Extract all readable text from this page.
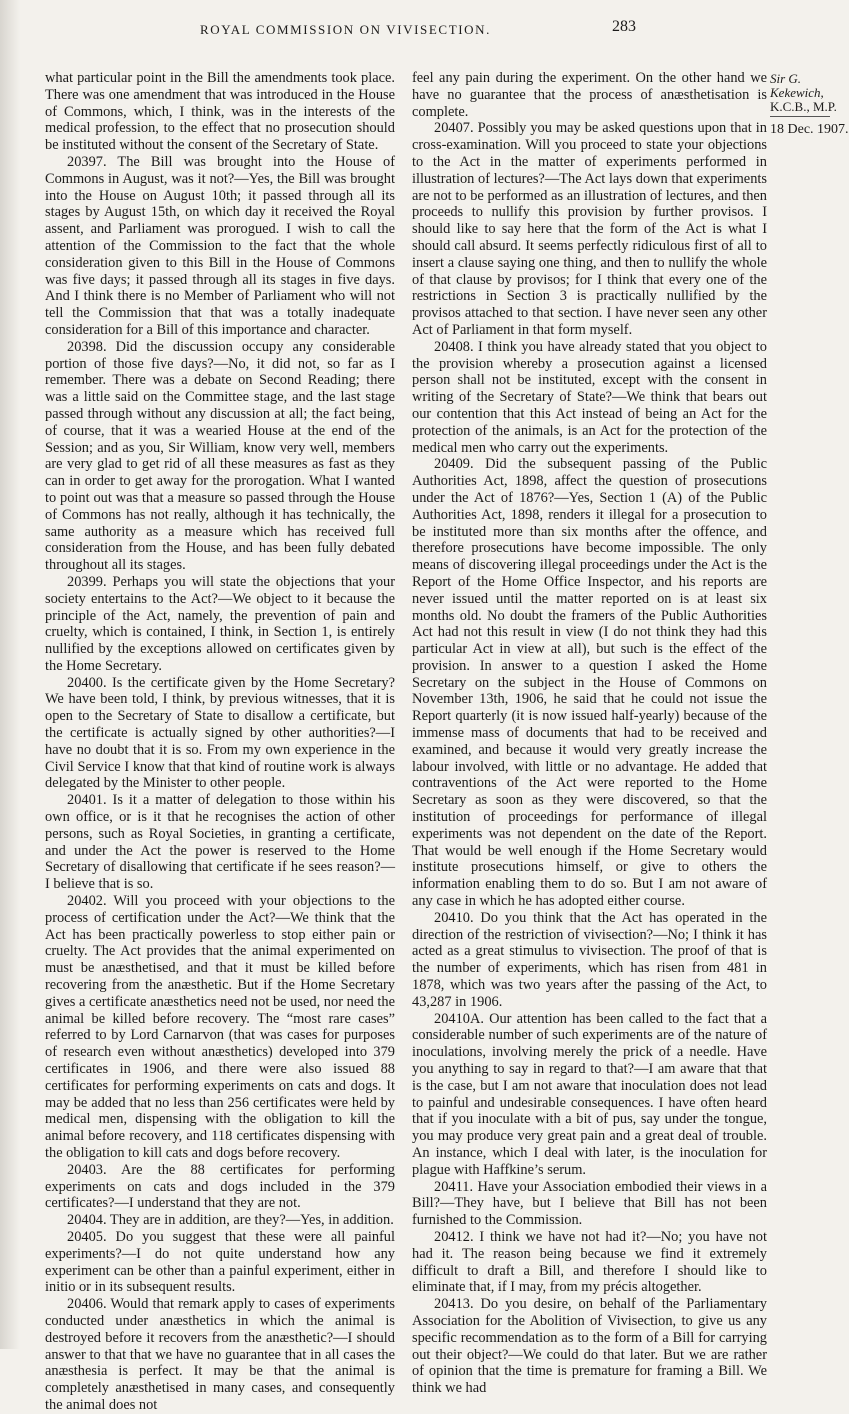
ROYAL COMMISSION ON VIVISECTION.	283

what particular point in the Bill the amendments took place. There was one amendment that was introduced in the House of Commons, which, I think, was in the interests of the medical profession, to the effect that no prosecution should be instituted without the consent of the Secretary of State.

20397. The Bill was brought into the House of Commons in August, was it not?—Yes, the Bill was brought into the House on August 10th; it passed through all its stages by August 15th, on which day it received the Royal assent, and Parliament was prorogued. I wish to call the attention of the Commission to the fact that the whole consideration given to this Bill in the House of Commons was five days; it passed through all its stages in five days. And I think there is no Member of Parliament who will not tell the Commission that that was a totally inadequate consideration for a Bill of this importance and character.

20398. Did the discussion occupy any considerable portion of those five days?—No, it did not, so far as I remember. There was a debate on Second Reading; there was a little said on the Committee stage, and the last stage passed through without any discussion at all; the fact being, of course, that it was a wearied House at the end of the Session; and as you, Sir William, know very well, members are very glad to get rid of all these measures as fast as they can in order to get away for the prorogation. What I wanted to point out was that a measure so passed through the House of Commons has not really, although it has technically, the same authority as a measure which has received full consideration from the House, and has been fully debated throughout all its stages.

20399. Perhaps you will state the objections that your society entertains to the Act?—We object to it because the principle of the Act, namely, the prevention of pain and cruelty, which is contained, I think, in Section 1, is entirely nullified by the exceptions allowed on certificates given by the Home Secretary.

20400. Is the certificate given by the Home Secretary? We have been told, I think, by previous witnesses, that it is open to the Secretary of State to disallow a certificate, but the certificate is actually signed by other authorities?—I have no doubt that it is so. From my own experience in the Civil Service I know that that kind of routine work is always delegated by the Minister to other people.

20401. Is it a matter of delegation to those within his own office, or is it that he recognises the action of other persons, such as Royal Societies, in granting a certificate, and under the Act the power is reserved to the Home Secretary of disallowing that certificate if he sees reason?—I believe that is so.

20402. Will you proceed with your objections to the process of certification under the Act?—We think that the Act has been practically powerless to stop either pain or cruelty. The Act provides that the animal experimented on must be anæsthetised, and that it must be killed before recovering from the anæsthetic. But if the Home Secretary gives a certificate anæsthetics need not be used, nor need the animal be killed before recovery. The “most rare cases” referred to by Lord Carnarvon (that was cases for purposes of research even without anæsthetics) developed into 379 certificates in 1906, and there were also issued 88 certificates for performing experiments on cats and dogs. It may be added that no less than 256 certificates were held by medical men, dispensing with the obligation to kill the animal before recovery, and 118 certificates dispensing with the obligation to kill cats and dogs before recovery.

20403. Are the 88 certificates for performing experiments on cats and dogs included in the 379 certificates?—I understand that they are not.

20404. They are in addition, are they?—Yes, in addition.

20405. Do you suggest that these were all painful experiments?—I do not quite understand how any experiment can be other than a painful experiment, either in initio or in its subsequent results.

20406. Would that remark apply to cases of experiments conducted under anæsthetics in which the animal is destroyed before it recovers from the anæsthetic?—I should answer to that that we have no guarantee that in all cases the anæsthesia is perfect. It may be that the animal is completely anæsthetised in many cases, and consequently the animal does not

feel any pain during the experiment. On the other hand we have no guarantee that the process of anæsthetisation is complete.

20407. Possibly you may be asked questions upon that in cross-examination. Will you proceed to state your objections to the Act in the matter of experiments performed in illustration of lectures?—The Act lays down that experiments are not to be performed as an illustration of lectures, and then proceeds to nullify this provision by further provisos. I should like to say here that the form of the Act is what I should call absurd. It seems perfectly ridiculous first of all to insert a clause saying one thing, and then to nullify the whole of that clause by provisos; for I think that every one of the restrictions in Section 3 is practically nullified by the provisos attached to that section. I have never seen any other Act of Parliament in that form myself.

20408. I think you have already stated that you object to the provision whereby a prosecution against a licensed person shall not be instituted, except with the consent in writing of the Secretary of State?—We think that bears out our contention that this Act instead of being an Act for the protection of the animals, is an Act for the protection of the medical men who carry out the experiments.

20409. Did the subsequent passing of the Public Authorities Act, 1898, affect the question of prosecutions under the Act of 1876?—Yes, Section 1 (A) of the Public Authorities Act, 1898, renders it illegal for a prosecution to be instituted more than six months after the offence, and therefore prosecutions have become impossible. The only means of discovering illegal proceedings under the Act is the Report of the Home Office Inspector, and his reports are never issued until the matter reported on is at least six months old. No doubt the framers of the Public Authorities Act had not this result in view (I do not think they had this particular Act in view at all), but such is the effect of the provision. In answer to a question I asked the Home Secretary on the subject in the House of Commons on November 13th, 1906, he said that he could not issue the Report quarterly (it is now issued half-yearly) because of the immense mass of documents that had to be received and examined, and because it would very greatly increase the labour involved, with little or no advantage. He added that contraventions of the Act were reported to the Home Secretary as soon as they were discovered, so that the institution of proceedings for performance of illegal experiments was not dependent on the date of the Report. That would be well enough if the Home Secretary would institute prosecutions himself, or give to others the information enabling them to do so. But I am not aware of any case in which he has adopted either course.

20410. Do you think that the Act has operated in the direction of the restriction of vivisection?—No; I think it has acted as a great stimulus to vivisection. The proof of that is the number of experiments, which has risen from 481 in 1878, which was two years after the passing of the Act, to 43,287 in 1906.

20410A. Our attention has been called to the fact that a considerable number of such experiments are of the nature of inoculations, involving merely the prick of a needle. Have you anything to say in regard to that?—I am aware that that is the case, but I am not aware that inoculation does not lead to painful and undesirable consequences. I have often heard that if you inoculate with a bit of pus, say under the tongue, you may produce very great pain and a great deal of trouble. An instance, which I deal with later, is the inoculation for plague with Haffkine’s serum.

20411. Have your Association embodied their views in a Bill?—They have, but I believe that Bill has not been furnished to the Commission.

20412. I think we have not had it?—No; you have not had it. The reason being because we find it extremely difficult to draft a Bill, and therefore I should like to eliminate that, if I may, from my précis altogether.

20413. Do you desire, on behalf of the Parliamentary Association for the Abolition of Vivisection, to give us any specific recommendation as to the form of a Bill for carrying out their object?—We could do that later. But we are rather of opinion that the time is premature for framing a Bill. We think we had

Sir G.
Kekewich,
K.C.B., M.P.
18 Dec. 1907.
